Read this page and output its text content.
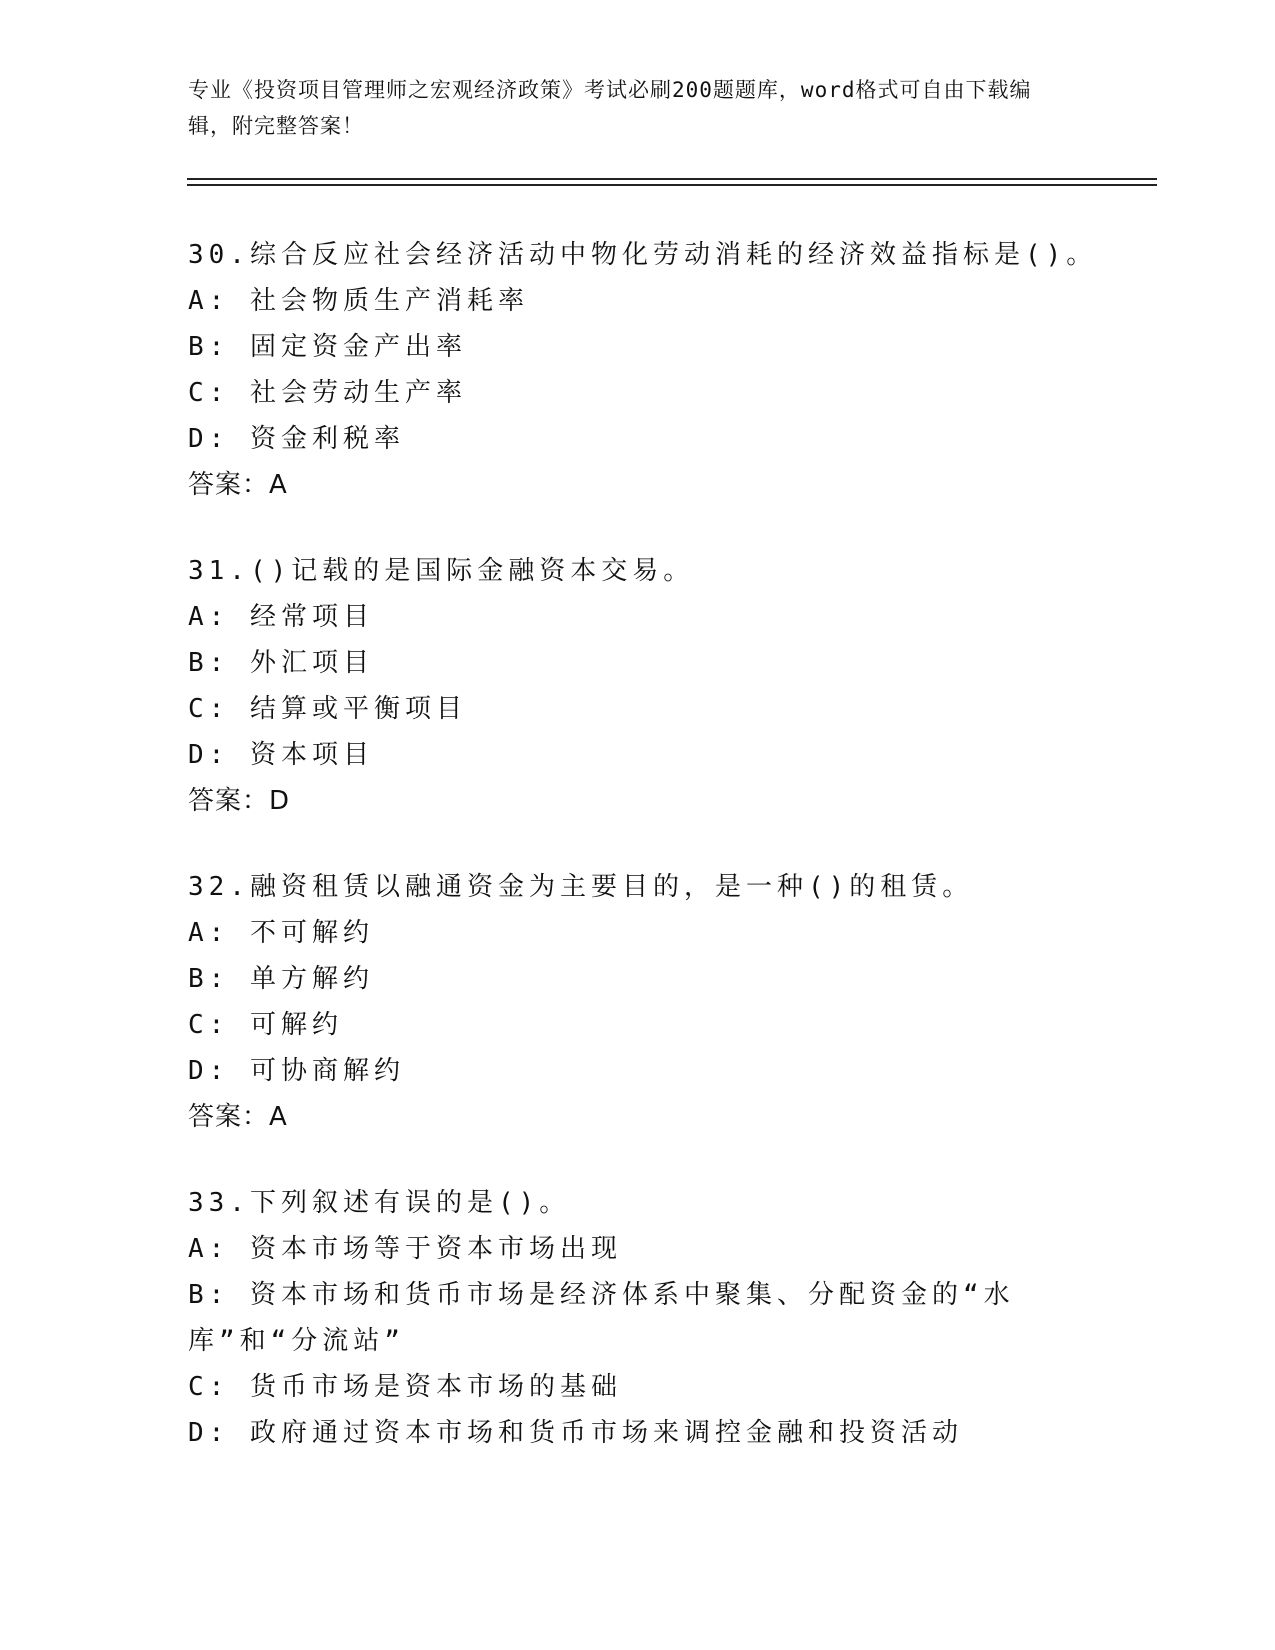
专业《投资项目管理师之宏观经济政策》考试必刷200题题库，word格式可自由下载编辑，附完整答案！
30.综合反应社会经济活动中物化劳动消耗的经济效益指标是()。
A: 社会物质生产消耗率
B: 固定资金产出率
C: 社会劳动生产率
D: 资金利税率
答案：A
31.()记载的是国际金融资本交易。
A: 经常项目
B: 外汇项目
C: 结算或平衡项目
D: 资本项目
答案：D
32.融资租赁以融通资金为主要目的，是一种()的租赁。
A: 不可解约
B: 单方解约
C: 可解约
D: 可协商解约
答案：A
33.下列叙述有误的是()。
A: 资本市场等于资本市场出现
B: 资本市场和货币市场是经济体系中聚集、分配资金的“水库”和“分流站”
C: 货币市场是资本市场的基础
D: 政府通过资本市场和货币市场来调控金融和投资活动
